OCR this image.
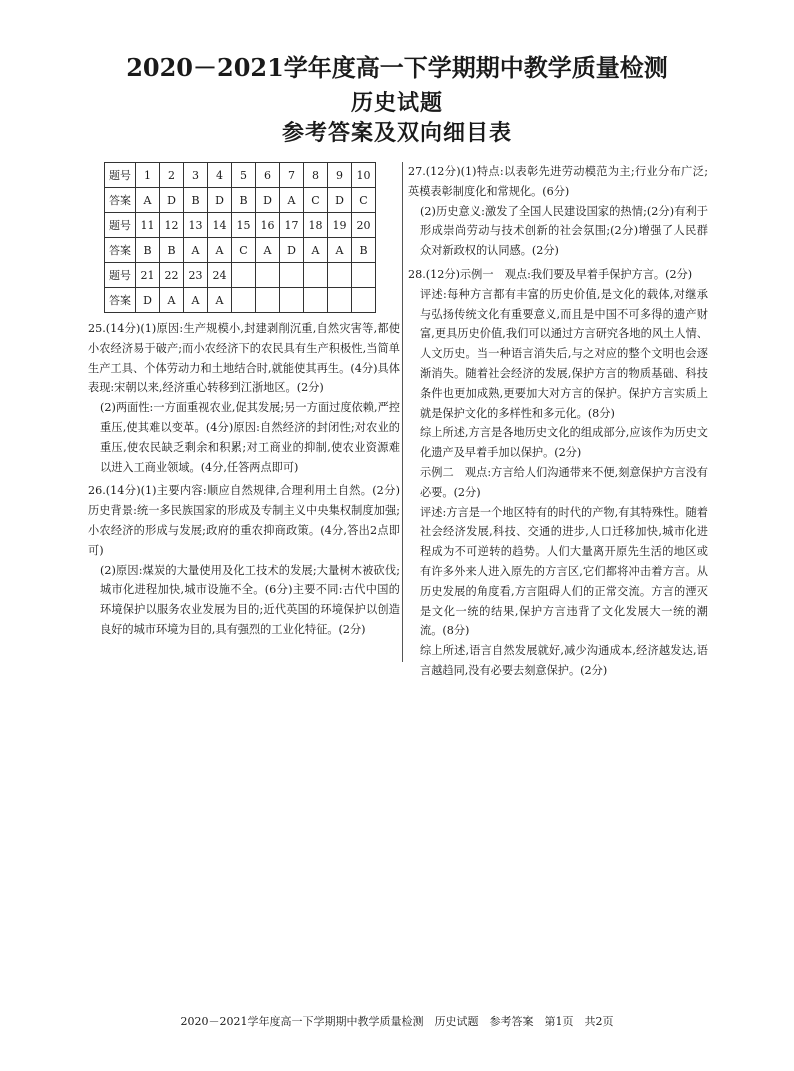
2020－2021学年度高一下学期期中教学质量检测
历史试题
参考答案及双向细目表
题号	1	2	3	4	5	6	7	8	9	10
答案	A	D	B	D	B	D	A	C	D	C
题号	11	12	13	14	15	16	17	18	19	20
答案	B	B	A	A	C	A	D	A	A	B
题号	21	22	23	24						
答案	D	A	A	A						

25.(14分)(1)原因:生产规模小,封建剥削沉重,自然灾害等,都使小农经济易于破产;而小农经济下的农民具有生产积极性,当简单生产工具、个体劳动力和土地结合时,就能使其再生。(4分)具体表现:宋朝以来,经济重心转移到江浙地区。(2分)

(2)两面性:一方面重视农业,促其发展;另一方面过度依赖,严控重压,使其难以变革。(4分)原因:自然经济的封闭性;对农业的重压,使农民缺乏剩余和积累;对工商业的抑制,使农业资源难以进入工商业领域。(4分,任答两点即可)

26.(14分)(1)主要内容:顺应自然规律,合理利用土自然。(2分)历史背景:统一多民族国家的形成及专制主义中央集权制度加强;小农经济的形成与发展;政府的重农抑商政策。(4分,答出2点即可)

(2)原因:煤炭的大量使用及化工技术的发展;大量树木被砍伐;城市化进程加快,城市设施不全。(6分)主要不同:古代中国的环境保护以服务农业发展为目的;近代英国的环境保护以创造良好的城市环境为目的,具有强烈的工业化特征。(2分)

27.(12分)(1)特点:以表彰先进劳动模范为主;行业分布广泛;英模表彰制度化和常规化。(6分)

(2)历史意义:激发了全国人民建设国家的热情;(2分)有利于形成崇尚劳动与技术创新的社会氛围;(2分)增强了人民群众对新政权的认同感。(2分)

28.(12分)示例一　观点:我们要及早着手保护方言。(2分)

评述:每种方言都有丰富的历史价值,是文化的载体,对继承与弘扬传统文化有重要意义,而且是中国不可多得的遗产财富,更具历史价值,我们可以通过方言研究各地的风土人情、人文历史。当一种语言消失后,与之对应的整个文明也会逐渐消失。随着社会经济的发展,保护方言的物质基础、科技条件也更加成熟,更要加大对方言的保护。保护方言实质上就是保护文化的多样性和多元化。(8分)

综上所述,方言是各地历史文化的组成部分,应该作为历史文化遗产及早着手加以保护。(2分)

示例二　观点:方言给人们沟通带来不便,刻意保护方言没有必要。(2分)

评述:方言是一个地区特有的时代的产物,有其特殊性。随着社会经济发展,科技、交通的进步,人口迁移加快,城市化进程成为不可逆转的趋势。人们大量离开原先生活的地区或有许多外来人进入原先的方言区,它们都将冲击着方言。从历史发展的角度看,方言阻碍人们的正常交流。方言的湮灭是文化一统的结果,保护方言违背了文化发展大一统的潮流。(8分)

综上所述,语言自然发展就好,减少沟通成本,经济越发达,语言越趋同,没有必要去刻意保护。(2分)

2020－2021学年度高一下学期期中教学质量检测　历史试题　参考答案　第1页　共2页
